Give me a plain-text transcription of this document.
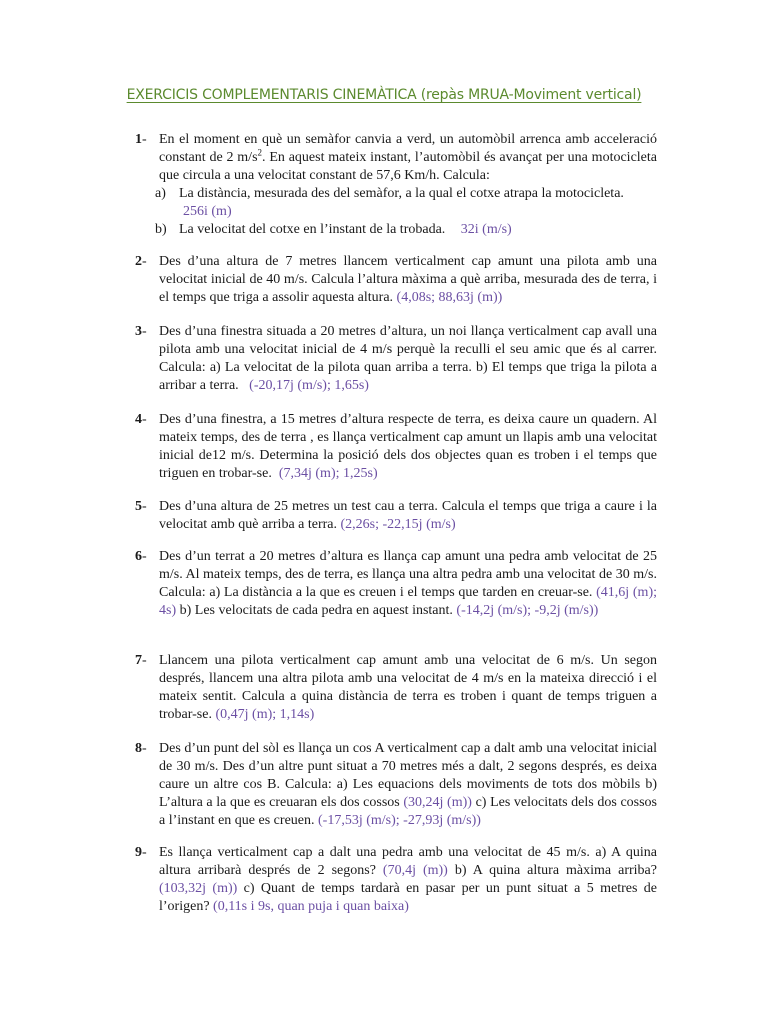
EXERCICIS COMPLEMENTARIS CINEMÀTICA (repàs MRUA-Moviment vertical)
1- En el moment en què un semàfor canvia a verd, un automòbil arrenca amb acceleració constant de 2 $m/s^2$. En aquest mateix instant, l’automòbil és avançat per una motocicleta que circula a una velocitat constant de 57,6 Km/h. Calcula:
a) La distància, mesurada des del semàfor, a la qual el cotxe atrapa la motocicleta.
256i (m)
b) La velocitat del cotxe en l’instant de la trobada. 32i (m/s)
2- Des d’una altura de 7 metres llancem verticalment cap amunt una pilota amb una velocitat inicial de 40 m/s. Calcula l’altura màxima a què arriba, mesurada des de terra, i el temps que triga a assolir aquesta altura. (4,08s; 88,63j (m))
3- Des d’una finestra situada a 20 metres d’altura, un noi llança verticalment cap avall una pilota amb una velocitat inicial de 4 m/s perquè la reculli el seu amic que és al carrer. Calcula: a) La velocitat de la pilota quan arriba a terra. b) El temps que triga la pilota a arribar a terra. (-20,17j (m/s); 1,65s)
4- Des d’una finestra, a 15 metres d’altura respecte de terra, es deixa caure un quadern. Al mateix temps, des de terra , es llança verticalment cap amunt un llapis amb una velocitat inicial de12 m/s. Determina la posició dels dos objectes quan es troben i el temps que triguen en trobar-se. (7,34j (m); 1,25s)
5- Des d’una altura de 25 metres un test cau a terra. Calcula el temps que triga a caure i la velocitat amb què arriba a terra. (2,26s; -22,15j (m/s)
6- Des d’un terrat a 20 metres d’altura es llança cap amunt una pedra amb velocitat de 25 m/s. Al mateix temps, des de terra, es llança una altra pedra amb una velocitat de 30 m/s. Calcula: a) La distància a la que es creuen i el temps que tarden en creuar-se. (41,6j (m); 4s) b) Les velocitats de cada pedra en aquest instant. (-14,2j (m/s); -9,2j (m/s))
7- Llancem una pilota verticalment cap amunt amb una velocitat de 6 m/s. Un segon després, llancem una altra pilota amb una velocitat de 4 m/s en la mateixa direcció i el mateix sentit. Calcula a quina distància de terra es troben i quant de temps triguen a trobar-se. (0,47j (m); 1,14s)
8- Des d’un punt del sòl es llança un cos A verticalment cap a dalt amb una velocitat inicial de 30 m/s. Des d’un altre punt situat a 70 metres més a dalt, 2 segons després, es deixa caure un altre cos B. Calcula: a) Les equacions dels moviments de tots dos mòbils b) L’altura a la que es creuaran els dos cossos (30,24j (m)) c) Les velocitats dels dos cossos a l’instant en que es creuen. (-17,53j (m/s); -27,93j (m/s))
9- Es llança verticalment cap a dalt una pedra amb una velocitat de 45 m/s. a) A quina altura arribarà després de 2 segons? (70,4j (m)) b) A quina altura màxima arriba? (103,32j (m)) c) Quant de temps tardarà en pasar per un punt situat a 5 metres de l’origen? (0,11s i 9s, quan puja i quan baixa)
